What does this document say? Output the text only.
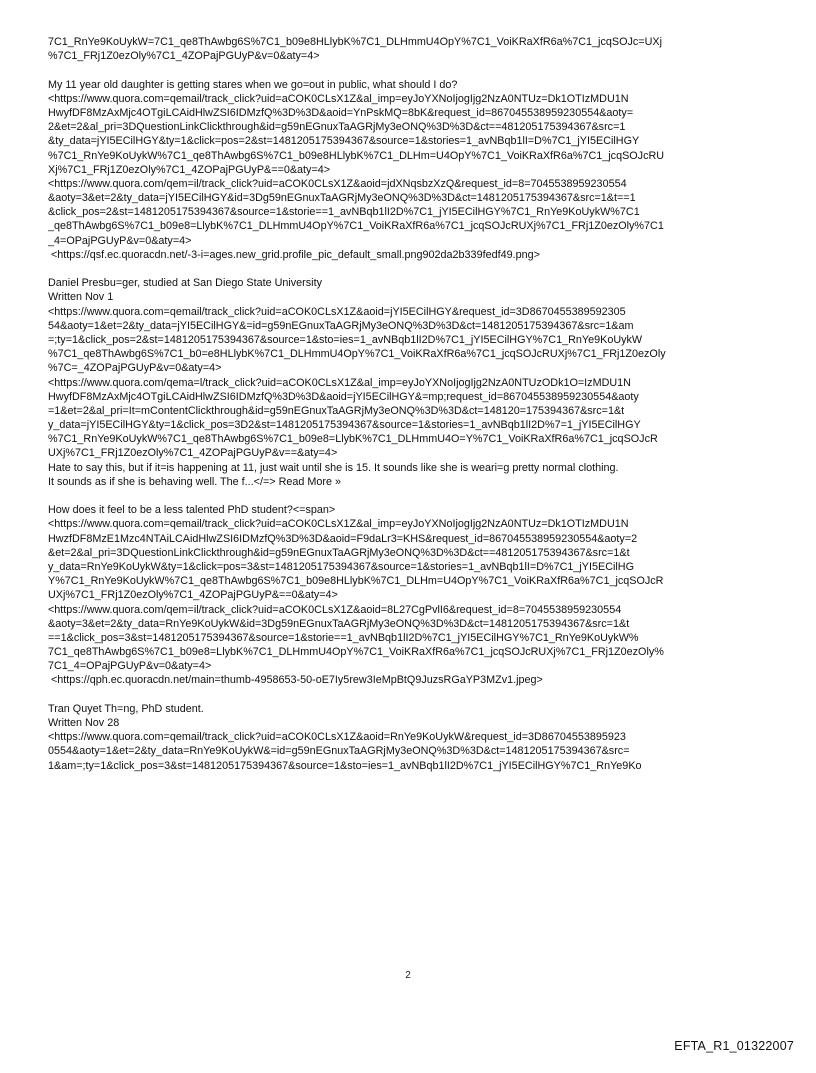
7C1_RnYe9KoUykW=7C1_qe8ThAwbg6S%7C1_b09e8HLlybK%7C1_DLHmmU4OpY%7C1_VoiKRaXfR6a%7C1_jcqSOJc=UXj
%7C1_FRj1Z0ezOly%7C1_4ZOPajPGUyP&v=0&aty=4>
My 11 year old daughter is getting stares when we go=out in public, what should I do?
<https://www.quora.com=qemail/track_click?uid=aCOK0CLsX1Z&al_imp=eyJoYXNoIjogIjg2NzA0NTUz=Dk1OTIzMDU1N
HwyfDF8MzAxMjc4OTgiLCAidHlwZSI6IDMzfQ%3D%3D&aoid=YnPskMQ=8bK&request_id=867045538959230554&aoty=
2&et=2&al_pri=3DQuestionLinkClickthrough&id=g59nEGnuxTaAGRjMy3eONQ%3D%3D&ct==481205175394367&src=1
&ty_data=jYI5ECilHGY&ty=1&click=pos=2&st=1481205175394367&source=1&stories=1_avNBqb1lI=D%7C1_jYI5ECilHGY
%7C1_RnYe9KoUykW%7C1_qe8ThAwbg6S%7C1_b09e8HLlybK%7C1_DLHm=U4OpY%7C1_VoiKRaXfR6a%7C1_jcqSOJcRU
Xj%7C1_FRj1Z0ezOly%7C1_4ZOPajPGUyP&==0&aty=4>
<https://www.quora.com/qem=il/track_click?uid=aCOK0CLsX1Z&aoid=jdXNqsbzXzQ&request_id=8=7045538959230554
&aoty=3&et=2&ty_data=jYI5ECilHGY&id=3Dg59nEGnuxTaAGRjMy3eONQ%3D%3D&ct=1481205175394367&src=1&t==1
&click_pos=2&st=1481205175394367&source=1&storie==1_avNBqb1lI2D%7C1_jYI5ECilHGY%7C1_RnYe9KoUykW%7C1
_qe8ThAwbg6S%7C1_b09e8=LlybK%7C1_DLHmmU4OpY%7C1_VoiKRaXfR6a%7C1_jcqSOJcRUXj%7C1_FRj1Z0ezOly%7C1
_4=OPajPGUyP&v=0&aty=4>
<https://qsf.ec.quoracdn.net/-3-i=ages.new_grid.profile_pic_default_small.png902da2b339fedf49.png>
Daniel Presbu=ger, studied at San Diego State University
Written Nov 1
<https://www.quora.com=qemail/track_click?uid=aCOK0CLsX1Z&aoid=jYI5ECilHGY&request_id=3D8670455389592305
54&aoty=1&et=2&ty_data=jYI5ECilHGY&=id=g59nEGnuxTaAGRjMy3eONQ%3D%3D&ct=1481205175394367&src=1&am
=;ty=1&click_pos=2&st=1481205175394367&source=1&sto=ies=1_avNBqb1lI2D%7C1_jYI5ECilHGY%7C1_RnYe9KoUykW
%7C1_qe8ThAwbg6S%7C1_b0=e8HLlybK%7C1_DLHmmU4OpY%7C1_VoiKRaXfR6a%7C1_jcqSOJcRUXj%7C1_FRj1Z0ezOly
%7C=_4ZOPajPGUyP&v=0&aty=4>
<https://www.quora.com/qema=l/track_click?uid=aCOK0CLsX1Z&al_imp=eyJoYXNoIjogIjg2NzA0NTUzODk1O=IzMDU1N
HwyfDF8MzAxMjc4OTgiLCAidHlwZSI6IDMzfQ%3D%3D&aoid=jYI5ECilHGY&=mp;request_id=867045538959230554&aoty
=1&et=2&al_pri=It=mContentClickthrough&id=g59nEGnuxTaAGRjMy3eONQ%3D%3D&ct=148120=175394367&src=1&t
y_data=jYI5ECilHGY&ty=1&click_pos=3D2&st=1481205175394367&source=1&stories=1_avNBqb1lI2D%7=1_jYI5ECilHGY
%7C1_RnYe9KoUykW%7C1_qe8ThAwbg6S%7C1_b09e8=LlybK%7C1_DLHmmU4O=Y%7C1_VoiKRaXfR6a%7C1_jcqSOJcR
UXj%7C1_FRj1Z0ezOly%7C1_4ZOPajPGUyP&v==&aty=4>
Hate to say this, but if it=is happening at 11, just wait until she is 15. It sounds like she is weari=g pretty normal clothing.
It sounds as if she is behaving well. The f...</=> Read More »
How does it feel to be a less talented PhD student?<=span>
<https://www.quora.com=qemail/track_click?uid=aCOK0CLsX1Z&al_imp=eyJoYXNoIjogIjg2NzA0NTUz=Dk1OTIzMDU1N
HwzfDF8MzE1Mzc4NTAiLCAidHlwZSI6IDMzfQ%3D%3D&aoid=F9daLr3=KHS&request_id=867045538959230554&aoty=2
&et=2&al_pri=3DQuestionLinkClickthrough&id=g59nEGnuxTaAGRjMy3eONQ%3D%3D&ct==481205175394367&src=1&t
y_data=RnYe9KoUykW&ty=1&click=pos=3&st=1481205175394367&source=1&stories=1_avNBqb1lI=D%7C1_jYI5ECilHG
Y%7C1_RnYe9KoUykW%7C1_qe8ThAwbg6S%7C1_b09e8HLlybK%7C1_DLHm=U4OpY%7C1_VoiKRaXfR6a%7C1_jcqSOJcR
UXj%7C1_FRj1Z0ezOly%7C1_4ZOPajPGUyP&==0&aty=4>
<https://www.quora.com/qem=il/track_click?uid=aCOK0CLsX1Z&aoid=8L27CgPvlI6&request_id=8=7045538959230554
&aoty=3&et=2&ty_data=RnYe9KoUykW&id=3Dg59nEGnuxTaAGRjMy3eONQ%3D%3D&ct=1481205175394367&src=1&t
==1&click_pos=3&st=1481205175394367&source=1&storie==1_avNBqb1lI2D%7C1_jYI5ECilHGY%7C1_RnYe9KoUykW%
7C1_qe8ThAwbg6S%7C1_b09e8=LlybK%7C1_DLHmmU4OpY%7C1_VoiKRaXfR6a%7C1_jcqSOJcRUXj%7C1_FRj1Z0ezOly%
7C1_4=OPajPGUyP&v=0&aty=4>
<https://qph.ec.quoracdn.net/main=thumb-4958653-50-oE7Iy5rew3IeMpBtQ9JuzsRGaYP3MZv1.jpeg>
Tran Quyet Th=ng, PhD student.
Written Nov 28
<https://www.quora.com=qemail/track_click?uid=aCOK0CLsX1Z&aoid=RnYe9KoUykW&request_id=3D86704553895923
0554&aoty=1&et=2&ty_data=RnYe9KoUykW&=id=g59nEGnuxTaAGRjMy3eONQ%3D%3D&ct=1481205175394367&src=
1&am=;ty=1&click_pos=3&st=1481205175394367&source=1&sto=ies=1_avNBqb1lI2D%7C1_jYI5ECilHGY%7C1_RnYe9Ko
2
EFTA_R1_01322007
